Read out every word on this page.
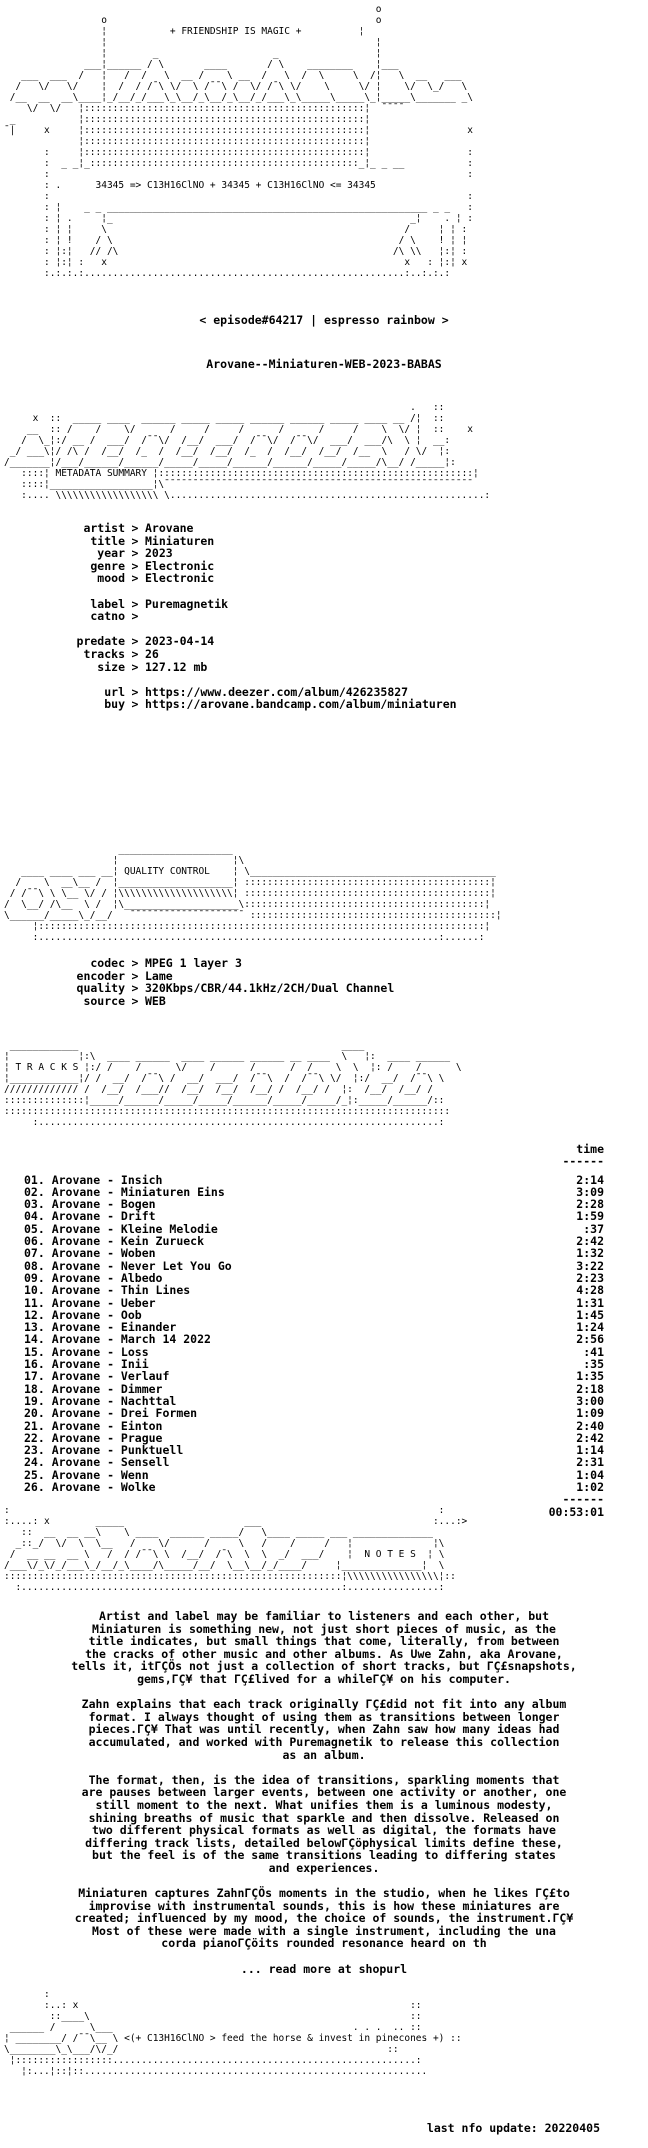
o
o                                               o
¦	+ FRIENDSHIP IS MAGIC +	¦
¦                                               ¦
¦        _                    _                 ¦
___¦______ / \       ____       / \    ________    ¦___
___  ___  /   ¦   /  /   \  __ /    \ __  /   \  /  \     \  /¦   \  __   ___
/   \/   \/    ¦  /  / /¯\ \/  \ /¯¯\ /  \/ /¯\ \/    \     \/ ¦    \/  \_/   \
/__  __  __\____¦_/__/_/___\_\__/_\__/_\__/_/___\_\_____\_____\_¦_____\_______ _\
\/  \/   ¦:::::::::::::::::::::::::::::::::::::::::::::::::¦  ¯¯¯¯
_           ¦:::::::::::::::::::::::::::::::::::::::::::::::::¦
¯|     x     ¦:::::::::::::::::::::::::::::::::::::::::::::::::¦                 x
¦:::::::::::::::::::::::::::::::::::::::::::::::::¦
:     ¦:::::::::::::::::::::::::::::::::::::::::::::::::¦                 :
:  _ _¦_:::::::::::::::::::::::::::::::::::::::::::::::_¦_ _ __           :
:                                                                         :
: .	34345 => C13H16ClNO + 34345 + C13H16ClNO <= 34345
:                                                                         :
: ¦    _ _ ________________________________________________________ _ _   :
: ¦ .     ¦_                                                    _¦    . ¦ :
: ¦ ¦     \                                                    /     ¦ ¦ :
: ¦ !    / \                                                  / \    ! ¦ ¦
: ¦:¦   // /\                                                /\ \\   ¦:¦ :
: ¦:¦ :   x                                                    x   : ¦:¦ x
:.:.:.:........................................................:..:.:.:

< episode#64217 | espresso rainbow >
Arovane--Miniaturen-WEB-2023-BABAS
.   ::
x  ::  _____ ____  ______ _____ _____ ______ ______ _____ ____ __ /¦  ::
__  :: /    /    \/      /     /     /      /      /     /    \  \/ ¦  ::    x
/  \_¦:/ __ /  ___/  /¯¯\/  /__/  ___/  /¯¯\/  /¯¯\/  ___/  ___/\  \ ¦  __:
_/ ___\¦/ /\ /  /__/  /_  /  /__/  /__/  /_  /  /__/  /__/  /__  \   / \/  ¦:
/_______¦/___/______/______/_____/_____/______/______/_____/_____/\__/ /_____¦:
::::¦ METADATA SUMMARY ¦:::::::::::::::::::::::::::::::::::::::::::::::::::::::¦
::::¦__________________¦\¯¯¯¯¯¯¯¯¯¯¯¯¯¯¯¯¯¯¯¯¯¯¯¯¯¯¯¯¯¯¯¯¯¯¯¯¯¯¯¯¯¯¯¯¯¯¯¯¯¯¯¯¯¯
:.... \\\\\\\\\\\\\\\\\\ \.......................................................:

artist > Arovane
title > Miniaturen
year > 2023
genre > Electronic
mood > Electronic
label > Puremagnetik
catno >
predate > 2023-04-14
tracks > 26
size > 127.12 mb
url > https://www.deezer.com/album/426235827
buy > https://arovane.bandcamp.com/album/miniaturen
____________________
¦                    ¦\
____ ____ ___ __¦ QUALITY CONTROL    ¦ \___________________________________________
/    \  __\__ /  ¦____________________¦ :::::::::::::::::::::::::::::::::::::::::::¦
/ /¯¯\ \ \__ \/ / ¦\\\\\\\\\\\\\\\\\\\\¦ :::::::::::::::::::::::::::::::::::::::::::¦
/  \__/ /\__  \ /  ¦\____________________\::::::::::::::::::::::::::::::::::::::::::¦
\______/_____\_/__/   ¯¯¯¯¯¯¯¯¯¯¯¯¯¯¯¯¯¯¯¯ :::::::::::::::::::::::::::::::::::::::::::¦
¦::::::::::::::::::::::::::::::::::::::::::::::::::::::::::::::::::::::::::::::¦
:......................................................................:......:

codec > MPEG 1 layer 3
encoder > Lame
quality > 320Kbps/CBR/44.1kHz/2CH/Dual Channel
source > WEB
____________                                              ____
¦            ¦:\  ____ ______  ____ ______ ______ __ ____  \   ¦:  ____ ______
¦ T R A C K S ¦:/ /    /      \/    /      /      /  /    \  \  ¦: /    /      \
¦____________¦/ /  __/  /¯¯\ /  __/  ___/  /¯¯\  /  /¯¯\ \/  ¦:/  __/  /¯¯\ \
///////////// /  /__/  /___//  /__/  /__/  /__/ /  /__/ /  ¦:  /__/  /__/ /
::::::::::::::¦_____/______/_____/_____/______/_____/_____/_¦:_____/______/::
::::::::::::::::::::::::::::::::::::::::::::::::::::::::::::::::::::::::::::::
:......................................................................:

time
------
01. Arovane - Insich	2:14
02. Arovane - Miniaturen Eins	3:09
03. Arovane - Bogen	2:28
04. Arovane - Drift	1:59
05. Arovane - Kleine Melodie	:37
06. Arovane - Kein Zurueck	2:42
07. Arovane - Woben	1:32
08. Arovane - Never Let You Go	3:22
09. Arovane - Albedo	2:23
10. Arovane - Thin Lines	4:28
11. Arovane - Ueber	1:31
12. Arovane - Oob	1:45
13. Arovane - Einander	1:24
14. Arovane - March 14 2022	2:56
15. Arovane - Loss	:41
16. Arovane - Inii	:35
17. Arovane - Verlauf	1:35
18. Arovane - Dimmer	2:18
19. Arovane - Nachttal	3:00
20. Arovane - Drei Formen	1:09
21. Arovane - Einton	2:40
22. Arovane - Prague	2:42
23. Arovane - Punktuell	1:14
24. Arovane - Sensell	2:31
25. Arovane - Wenn	1:04
26. Arovane - Wolke	1:02
------
00:53:01
:                                                                           :
:....: x        _____                     ___                              :...:>
::  __  __ __\    \ ____  ______ _____/   \____ _____ ___ ______________
_::_/  \/  \  \__   /    \/      /     \   /    /     /   ¦              ¦\
/  __ __  __ \   /  / /¯¯\ \  /__/  /¯\  \  \  _/  ___/    ¦  N O T E S  ¦ \
/___\/_\/_/___\_/__/_\____/\_____/__/  \__\__/_/____/     ¦______________¦  \
:::::::::::::::::::::::::::::::::::::::::::::::::::::::::::¦\\\\\\\\\\\\\\\\¦::
:........................................................:................:

Artist and label may be familiar to listeners and each other, but
Miniaturen is something new, not just short pieces of music, as the
title indicates, but small things that come, literally, from between
the cracks of other music and other albums. As Uwe Zahn, aka Arovane,
tells it, itΓÇÖs not just a collection of short tracks, but ΓÇ£snapshots,
gems,ΓÇ¥ that ΓÇ£lived for a whileΓÇ¥ on his computer.
Zahn explains that each track originally ΓÇ£did not fit into any album
format. I always thought of using them as transitions between longer
pieces.ΓÇ¥ That was until recently, when Zahn saw how many ideas had
accumulated, and worked with Puremagnetik to release this collection
as an album.
The format, then, is the idea of transitions, sparkling moments that
are pauses between larger events, between one activity or another, one
still moment to the next. What unifies them is a luminous modesty,
shining breaths of music that sparkle and then dissolve. Released on
two different physical formats as well as digital, the formats have
differing track lists, detailed belowΓÇöphysical limits define these,
but the feel is of the same transitions leading to differing states
and experiences.
Miniaturen captures ZahnΓÇÖs moments in the studio, when he likes ΓÇ£to
improvise with instrumental sounds, this is how these miniatures are
created; influenced by my mood, the choice of sounds, the instrument.ΓÇ¥
Most of these were made with a single instrument, including the una
corda pianoΓÇöits rounded resonance heard on th
... read more at shopurl

:
:..: x                                                          ::
::____\                                                        ::
______ /      \___                                          . . .  .. ::
¦ ________/ /¯¯\__ \ <(+ C13H16ClNO > feed the horse & invest in pinecones +) ::
\________\_\___/\/_/                                               ::
¦:::::::::::::::::.....................................................:
¦:...¦::¦::............................................................

last nfo update: 20220405
